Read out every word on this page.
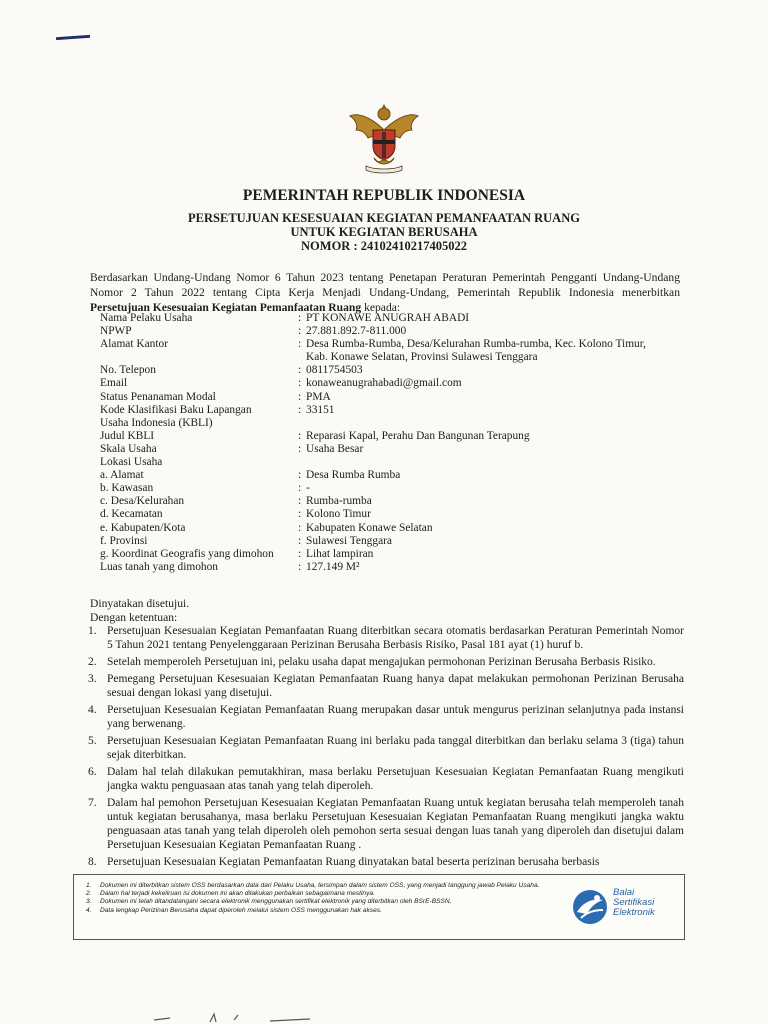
PEMERINTAH REPUBLIK INDONESIA
PERSETUJUAN KESESUAIAN KEGIATAN PEMANFAATAN RUANG
UNTUK KEGIATAN BERUSAHA
NOMOR : 24102410217405022
Berdasarkan Undang-Undang Nomor 6 Tahun 2023 tentang Penetapan Peraturan Pemerintah Pengganti Undang-Undang Nomor 2 Tahun 2022 tentang Cipta Kerja Menjadi Undang-Undang, Pemerintah Republik Indonesia menerbitkan Persetujuan Kesesuaian Kegiatan Pemanfaatan Ruang kepada:
Nama Pelaku Usaha	: PT KONAWE ANUGRAH ABADI
NPWP	: 27.881.892.7-811.000
Alamat Kantor	: Desa Rumba-Rumba, Desa/Kelurahan Rumba-rumba, Kec. Kolono Timur,
Kab. Konawe Selatan, Provinsi Sulawesi Tenggara
No. Telepon	: 0811754503
Email	: konaweanugrahabadi@gmail.com
Status Penanaman Modal	: PMA
Kode Klasifikasi Baku Lapangan	: 33151
Usaha Indonesia (KBLI)
Judul KBLI	: Reparasi Kapal, Perahu Dan Bangunan Terapung
Skala Usaha	: Usaha Besar
Lokasi Usaha
a. Alamat	: Desa Rumba Rumba
b. Kawasan	: -
c. Desa/Kelurahan	: Rumba-rumba
d. Kecamatan	: Kolono Timur
e. Kabupaten/Kota	: Kabupaten Konawe Selatan
f. Provinsi	: Sulawesi Tenggara
g. Koordinat Geografis yang dimohon	: Lihat lampiran
Luas tanah yang dimohon	: 127.149 M²
Dinyatakan disetujui.
Dengan ketentuan:
1. Persetujuan Kesesuaian Kegiatan Pemanfaatan Ruang diterbitkan secara otomatis berdasarkan Peraturan Pemerintah Nomor 5 Tahun 2021 tentang Penyelenggaraan Perizinan Berusaha Berbasis Risiko, Pasal 181 ayat (1) huruf b.
2. Setelah memperoleh Persetujuan ini, pelaku usaha dapat mengajukan permohonan Perizinan Berusaha Berbasis Risiko.
3. Pemegang Persetujuan Kesesuaian Kegiatan Pemanfaatan Ruang hanya dapat melakukan permohonan Perizinan Berusaha sesuai dengan lokasi yang disetujui.
4. Persetujuan Kesesuaian Kegiatan Pemanfaatan Ruang merupakan dasar untuk mengurus perizinan selanjutnya pada instansi yang berwenang.
5. Persetujuan Kesesuaian Kegiatan Pemanfaatan Ruang ini berlaku pada tanggal diterbitkan dan berlaku selama 3 (tiga) tahun sejak diterbitkan.
6. Dalam hal telah dilakukan pemutakhiran, masa berlaku Persetujuan Kesesuaian Kegiatan Pemanfaatan Ruang mengikuti jangka waktu penguasaan atas tanah yang telah diperoleh.
7. Dalam hal pemohon Persetujuan Kesesuaian Kegiatan Pemanfaatan Ruang untuk kegiatan berusaha telah memperoleh tanah untuk kegiatan berusahanya, masa berlaku Persetujuan Kesesuaian Kegiatan Pemanfaatan Ruang mengikuti jangka waktu penguasaan atas tanah yang telah diperoleh oleh pemohon serta sesuai dengan luas tanah yang diperoleh dan disetujui dalam Persetujuan Kesesuaian Kegiatan Pemanfaatan Ruang .
8. Persetujuan Kesesuaian Kegiatan Pemanfaatan Ruang dinyatakan batal beserta perizinan berusaha berbasis
1.	Dokumen ini diterbitkan sistem OSS berdasarkan data dari Pelaku Usaha, tersimpan dalam sistem OSS, yang menjadi tanggung jawab Pelaku Usaha.
2.	Dalam hal terjadi kekeliruan isi dokumen ini akan dilakukan perbaikan sebagaimana mestinya.
3.	Dokumen ini telah ditandatangani secara elektronik menggunakan sertifikat elektronik yang diterbitkan oleh BSrE-BSSN.
4.	Data lengkap Perizinan Berusaha dapat diperoleh melalui sistem OSS menggunakan hak akses.
Balai
Sertifikasi
Elektronik
